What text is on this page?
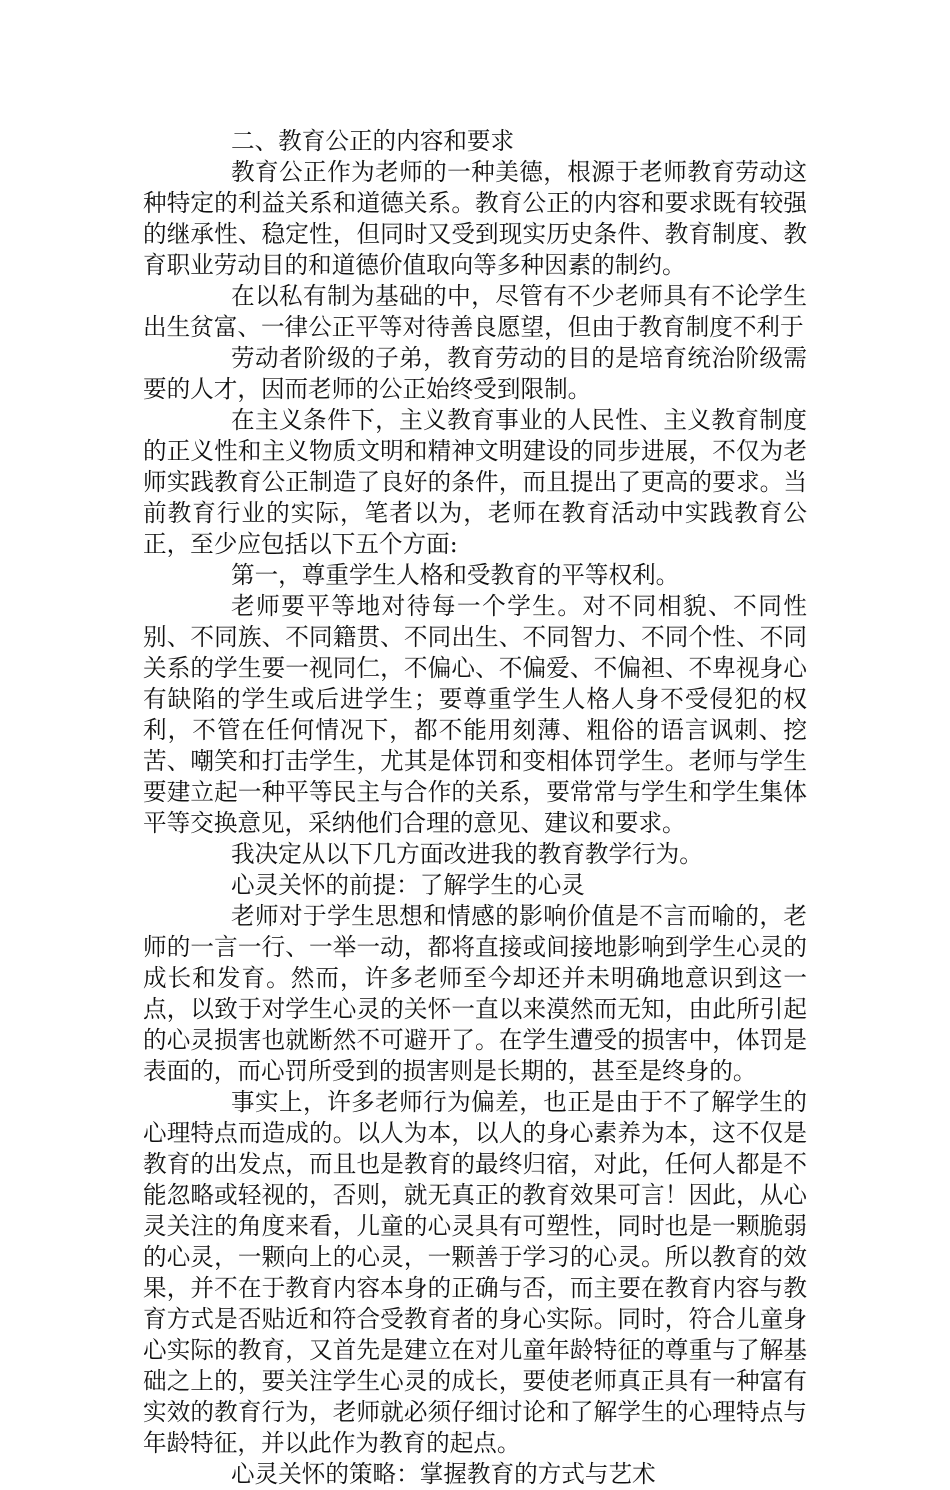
二、教育公正的内容和要求

教育公正作为老师的一种美德，根源于老师教育劳动这种特定的利益关系和道德关系。教育公正的内容和要求既有较强的继承性、稳定性，但同时又受到现实历史条件、教育制度、教育职业劳动目的和道德价值取向等多种因素的制约。

在以私有制为基础的中，尽管有不少老师具有不论学生出生贫富、一律公正平等对待善良愿望，但由于教育制度不利于

劳动者阶级的子弟，教育劳动的目的是培育统治阶级需要的人才，因而老师的公正始终受到限制。

在主义条件下，主义教育事业的人民性、主义教育制度的正义性和主义物质文明和精神文明建设的同步进展，不仅为老师实践教育公正制造了良好的条件，而且提出了更高的要求。当前教育行业的实际，笔者以为，老师在教育活动中实践教育公正，至少应包括以下五个方面:

第一，尊重学生人格和受教育的平等权利。

老师要平等地对待每一个学生。对不同相貌、不同性别、不同族、不同籍贯、不同出生、不同智力、不同个性、不同关系的学生要一视同仁，不偏心、不偏爱、不偏袒、不卑视身心有缺陷的学生或后进学生；要尊重学生人格人身不受侵犯的权利，不管在任何情况下，都不能用刻薄、粗俗的语言讽刺、挖苦、嘲笑和打击学生，尤其是体罚和变相体罚学生。老师与学生要建立起一种平等民主与合作的关系，要常常与学生和学生集体平等交换意见，采纳他们合理的意见、建议和要求。

我决定从以下几方面改进我的教育教学行为。

心灵关怀的前提：了解学生的心灵

老师对于学生思想和情感的影响价值是不言而喻的，老师的一言一行、一举一动，都将直接或间接地影响到学生心灵的成长和发育。然而，许多老师至今却还并未明确地意识到这一点，以致于对学生心灵的关怀一直以来漠然而无知，由此所引起的心灵损害也就断然不可避开了。在学生遭受的损害中，体罚是表面的，而心罚所受到的损害则是长期的，甚至是终身的。

事实上，许多老师行为偏差，也正是由于不了解学生的心理特点而造成的。以人为本，以人的身心素养为本，这不仅是教育的出发点，而且也是教育的最终归宿，对此，任何人都是不能忽略或轻视的，否则，就无真正的教育效果可言！因此，从心灵关注的角度来看，儿童的心灵具有可塑性，同时也是一颗脆弱的心灵，一颗向上的心灵，一颗善于学习的心灵。所以教育的效果，并不在于教育内容本身的正确与否，而主要在教育内容与教育方式是否贴近和符合受教育者的身心实际。同时，符合儿童身心实际的教育，又首先是建立在对儿童年龄特征的尊重与了解基础之上的，要关注学生心灵的成长，要使老师真正具有一种富有实效的教育行为，老师就必须仔细讨论和了解学生的心理特点与年龄特征，并以此作为教育的起点。

心灵关怀的策略：掌握教育的方式与艺术
